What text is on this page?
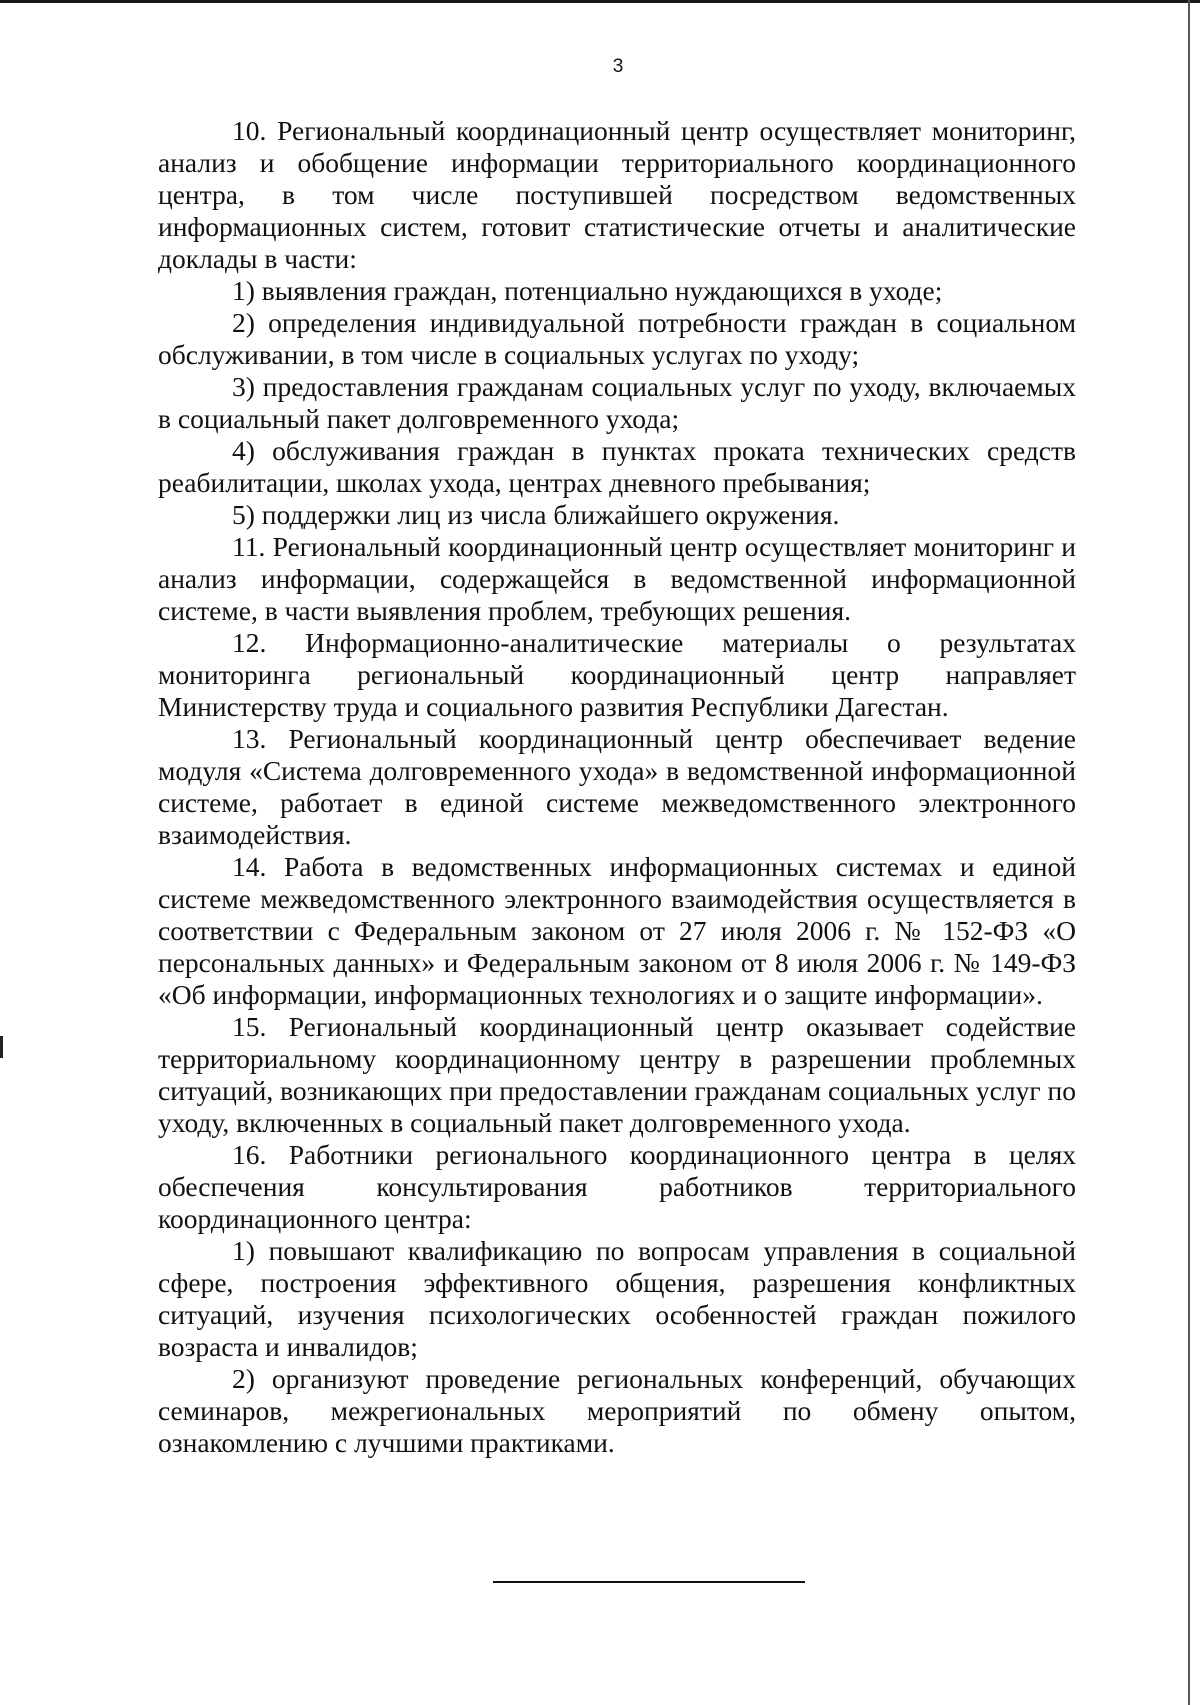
3

10. Региональный координационный центр осуществляет мониторинг, анализ и обобщение информации территориального координационного центра, в том числе поступившей посредством ведомственных информационных систем, готовит статистические отчеты и аналитические доклады в части:

1) выявления граждан, потенциально нуждающихся в уходе;

2) определения индивидуальной потребности граждан в социальном обслуживании, в том числе в социальных услугах по уходу;

3) предоставления гражданам социальных услуг по уходу, включаемых в социальный пакет долговременного ухода;

4) обслуживания граждан в пунктах проката технических средств реабилитации, школах ухода, центрах дневного пребывания;

5) поддержки лиц из числа ближайшего окружения.

11. Региональный координационный центр осуществляет мониторинг и анализ информации, содержащейся в ведомственной информационной системе, в части выявления проблем, требующих решения.

12. Информационно-аналитические материалы о результатах мониторинга региональный координационный центр направляет Министерству труда и социального развития Республики Дагестан.

13. Региональный координационный центр обеспечивает ведение модуля «Система долговременного ухода» в ведомственной информационной системе, работает в единой системе межведомственного электронного взаимодействия.

14. Работа в ведомственных информационных системах и единой системе межведомственного электронного взаимодействия осуществляется в соответствии с Федеральным законом от 27 июля 2006 г. № 152-ФЗ «О персональных данных» и Федеральным законом от 8 июля 2006 г. № 149-ФЗ «Об информации, информационных технологиях и о защите информации».

15. Региональный координационный центр оказывает содействие территориальному координационному центру в разрешении проблемных ситуаций, возникающих при предоставлении гражданам социальных услуг по уходу, включенных в социальный пакет долговременного ухода.

16. Работники регионального координационного центра в целях обеспечения консультирования работников территориального координационного центра:

1) повышают квалификацию по вопросам управления в социальной сфере, построения эффективного общения, разрешения конфликтных ситуаций, изучения психологических особенностей граждан пожилого возраста и инвалидов;

2) организуют проведение региональных конференций, обучающих семинаров, межрегиональных мероприятий по обмену опытом, ознакомлению с лучшими практиками.
